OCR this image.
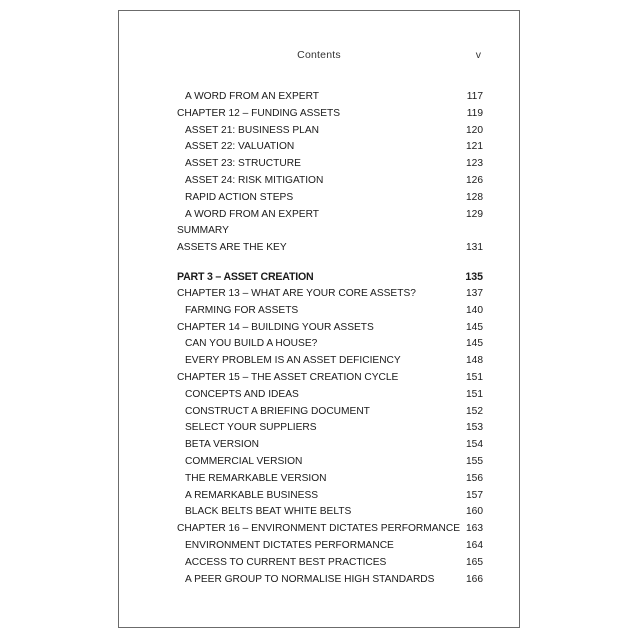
Contents	v
A WORD FROM AN EXPERT	117
CHAPTER 12 – FUNDING ASSETS	119
ASSET 21: BUSINESS PLAN	120
ASSET 22: VALUATION	121
ASSET 23: STRUCTURE	123
ASSET 24: RISK MITIGATION	126
RAPID ACTION STEPS	128
A WORD FROM AN EXPERT	129
SUMMARY
ASSETS ARE THE KEY	131
PART 3 – ASSET CREATION	135
CHAPTER 13 – WHAT ARE YOUR CORE ASSETS?	137
FARMING FOR ASSETS	140
CHAPTER 14 – BUILDING YOUR ASSETS	145
CAN YOU BUILD A HOUSE?	145
EVERY PROBLEM IS AN ASSET DEFICIENCY	148
CHAPTER 15 – THE ASSET CREATION CYCLE	151
CONCEPTS AND IDEAS	151
CONSTRUCT A BRIEFING DOCUMENT	152
SELECT YOUR SUPPLIERS	153
BETA VERSION	154
COMMERCIAL VERSION	155
THE REMARKABLE VERSION	156
A REMARKABLE BUSINESS	157
BLACK BELTS BEAT WHITE BELTS	160
CHAPTER 16 – ENVIRONMENT DICTATES PERFORMANCE 163
ENVIRONMENT DICTATES PERFORMANCE	164
ACCESS TO CURRENT BEST PRACTICES	165
A PEER GROUP TO NORMALISE HIGH STANDARDS	166
